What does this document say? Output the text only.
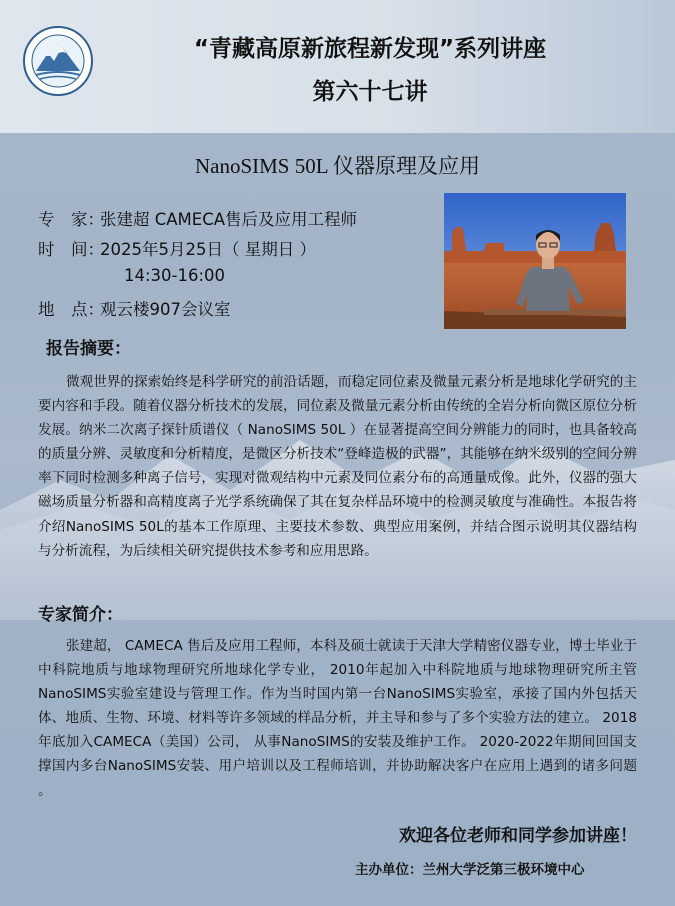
“青藏高原新旅程新发现”系列讲座
第六十七讲
NanoSIMS 50L 仪器原理及应用
专　家：张建超 CAMECA售后及应用工程师
时　间：2025年5月25日（ 星期日 ）
14:30-16:00
地　点：观云楼907会议室
报告摘要：
微观世界的探索始终是科学研究的前沿话题，而稳定同位素及微量元素分析是地球化学研究的主要内容和手段。随着仪器分析技术的发展，同位素及微量元素分析由传统的全岩分析向微区原位分析发展。纳米二次离子探针质谱仪（ NanoSIMS 50L ）在显著提高空间分辨能力的同时，也具备较高的质量分辨、灵敏度和分析精度，是微区分析技术“登峰造极的武器”，其能够在纳米级别的空间分辨率下同时检测多种离子信号，实现对微观结构中元素及同位素分布的高通量成像。此外，仪器的强大磁场质量分析器和高精度离子光学系统确保了其在复杂样品环境中的检测灵敏度与准确性。本报告将介绍NanoSIMS 50L的基本工作原理、主要技术参数、典型应用案例，并结合图示说明其仪器结构与分析流程，为后续相关研究提供技术参考和应用思路。
专家简介：
张建超， CAMECA 售后及应用工程师，本科及硕士就读于天津大学精密仪器专业，博士毕业于中科院地质与地球物理研究所地球化学专业， 2010年起加入中科院地质与地球物理研究所主管NanoSIMS实验室建设与管理工作。作为当时国内第一台NanoSIMS实验室，承接了国内外包括天体、地质、生物、环境、材料等许多领域的样品分析，并主导和参与了多个实验方法的建立。 2018年底加入CAMECA（美国）公司， 从事NanoSIMS的安装及维护工作。 2020-2022年期间回国支撑国内多台NanoSIMS安装、用户培训以及工程师培训，并协助解决客户在应用上遇到的诸多问题 。
欢迎各位老师和同学参加讲座！
主办单位：兰州大学泛第三极环境中心
